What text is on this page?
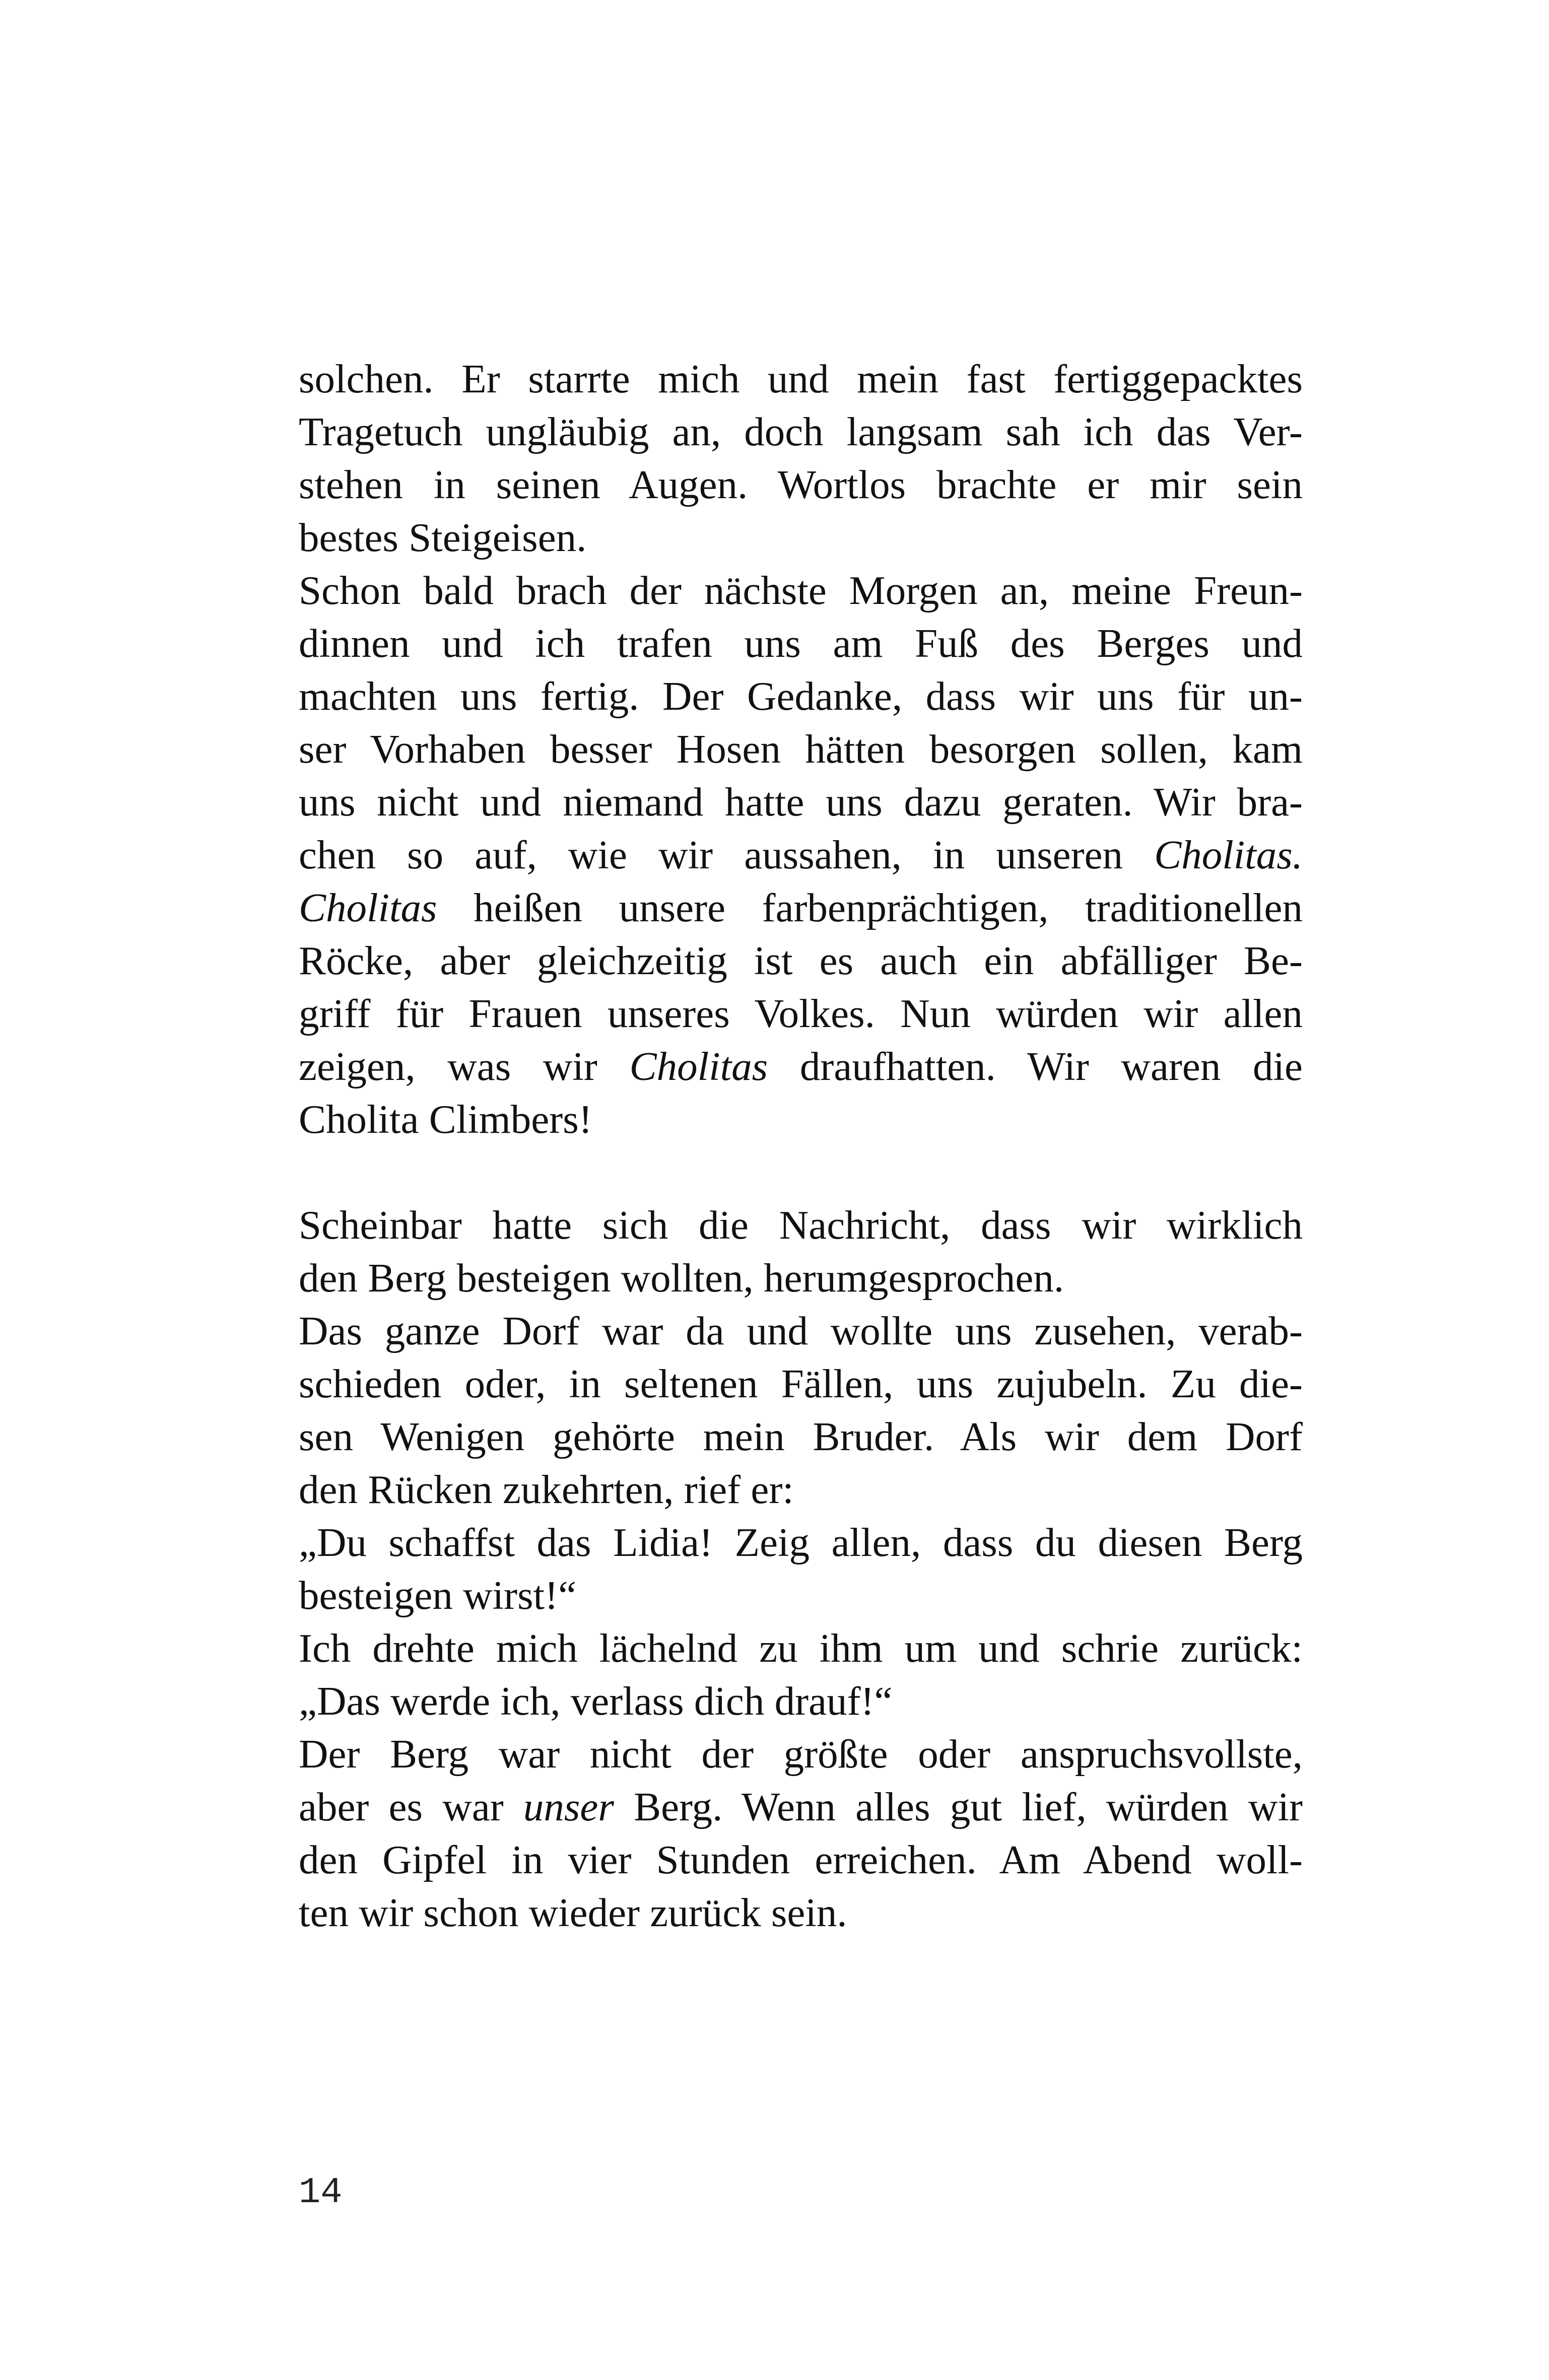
solchen. Er starrte mich und mein fast fertiggepacktes
Tragetuch ungläubig an, doch langsam sah ich das Ver-
stehen in seinen Augen. Wortlos brachte er mir sein
bestes Steigeisen.
Schon bald brach der nächste Morgen an, meine Freun-
dinnen und ich trafen uns am Fuß des Berges und
machten uns fertig. Der Gedanke, dass wir uns für un-
ser Vorhaben besser Hosen hätten besorgen sollen, kam
uns nicht und niemand hatte uns dazu geraten. Wir bra-
chen so auf, wie wir aussahen, in unseren Cholitas.
Cholitas heißen unsere farbenprächtigen, traditionellen
Röcke, aber gleichzeitig ist es auch ein abfälliger Be-
griff für Frauen unseres Volkes. Nun würden wir allen
zeigen, was wir Cholitas draufhatten. Wir waren die
Cholita Climbers!
Scheinbar hatte sich die Nachricht, dass wir wirklich
den Berg besteigen wollten, herumgesprochen.
Das ganze Dorf war da und wollte uns zusehen, verab-
schieden oder, in seltenen Fällen, uns zujubeln. Zu die-
sen Wenigen gehörte mein Bruder. Als wir dem Dorf
den Rücken zukehrten, rief er:
„Du schaffst das Lidia! Zeig allen, dass du diesen Berg
besteigen wirst!“
Ich drehte mich lächelnd zu ihm um und schrie zurück:
„Das werde ich, verlass dich drauf!“
Der Berg war nicht der größte oder anspruchsvollste,
aber es war unser Berg. Wenn alles gut lief, würden wir
den Gipfel in vier Stunden erreichen. Am Abend woll-
ten wir schon wieder zurück sein.
14
